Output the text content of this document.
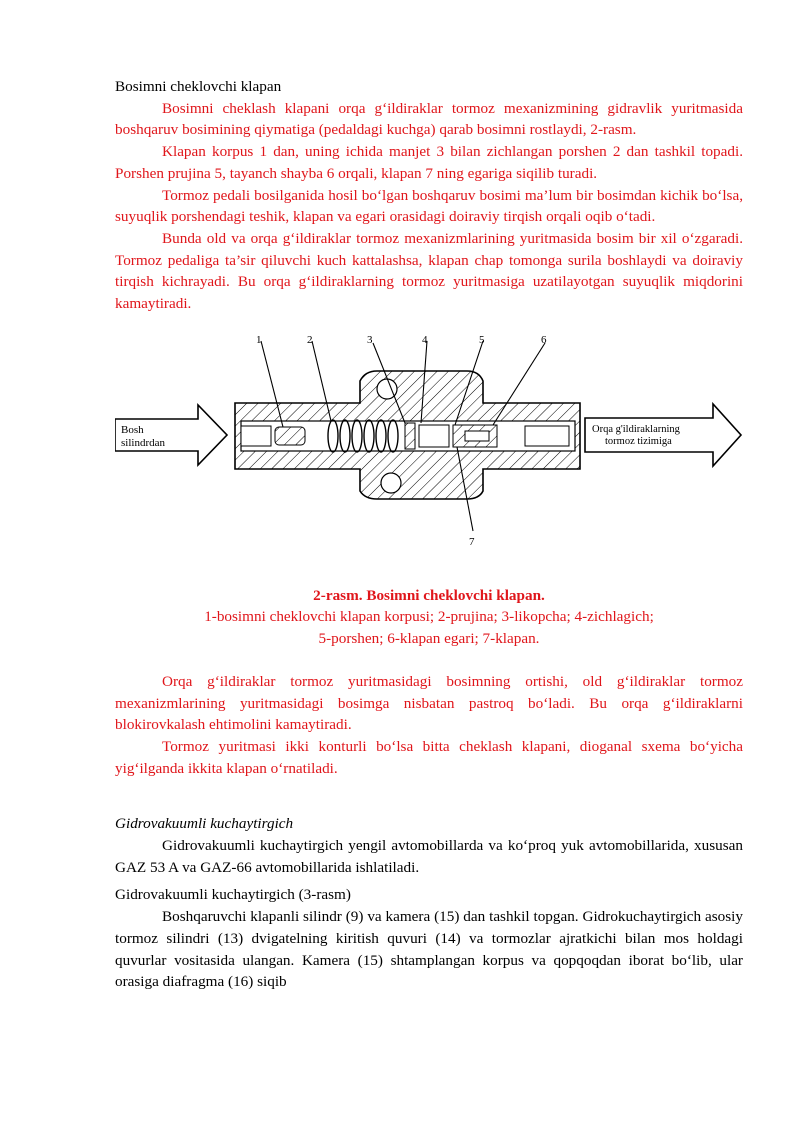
Bosimni cheklovchi klapan

Bosimni cheklash klapani orqa g‘ildiraklar tormoz mexanizmining gidravlik yuritmasida boshqaruv bosimining qiymatiga (pedaldagi kuchga) qarab bosimni rostlaydi, 2-rasm.

Klapan korpus 1 dan, uning ichida manjet 3 bilan zichlangan porshen 2 dan tashkil topadi. Porshen prujina 5, tayanch shayba 6 orqali, klapan 7 ning egariga siqilib turadi.

Tormoz pedali bosilganida hosil bo‘lgan boshqaruv bosimi ma’lum bir bosimdan kichik bo‘lsa, suyuqlik porshendagi teshik, klapan va egari orasidagi doiraviy tirqish orqali oqib o‘tadi.

Bunda old va orqa g‘ildiraklar tormoz mexanizmlarining yuritmasida bosim bir xil o‘zgaradi. Tormoz pedaliga ta’sir qiluvchi kuch kattalashsa, klapan chap tomonga surila boshlaydi va doiraviy tirqish kichrayadi. Bu orqa g‘ildiraklarning tormoz yuritmasiga uzatilayotgan suyuqlik miqdorini kamaytiradi.

Bosh
silindrdan
Orqa g'ildiraklarning
tormoz tizimiga
1	2	3	4	5	6
7
2-rasm. Bosimni cheklovchi klapan.
1-bosimni cheklovchi klapan korpusi; 2-prujina; 3-likopcha; 4-zichlagich;
5-porshen; 6-klapan egari; 7-klapan.

Orqa g‘ildiraklar tormoz yuritmasidagi bosimning ortishi, old g‘ildiraklar tormoz mexanizmlarining yuritmasidagi bosimga nisbatan pastroq bo‘ladi. Bu orqa g‘ildiraklarni blokirovkalash ehtimolini kamaytiradi.

Tormoz yuritmasi ikki konturli bo‘lsa bitta cheklash klapani, dioganal sxema bo‘yicha yig‘ilganda ikkita klapan o‘rnatiladi.

Gidrovakuumli kuchaytirgich

Gidrovakuumli kuchaytirgich yengil avtomobillarda va ko‘proq yuk avtomobillarida, xususan GAZ 53 A va GAZ-66 avtomobillarida ishlatiladi.

Gidrovakuumli kuchaytirgich (3-rasm)

Boshqaruvchi klapanli silindr (9) va kamera (15) dan tashkil topgan. Gidrokuchaytirgich asosiy tormoz silindri (13) dvigatelning kiritish quvuri (14) va tormozlar ajratkichi bilan mos holdagi quvurlar vositasida ulangan. Kamera (15) shtamplangan korpus va qopqoqdan iborat bo‘lib, ular orasiga diafragma (16) siqib
